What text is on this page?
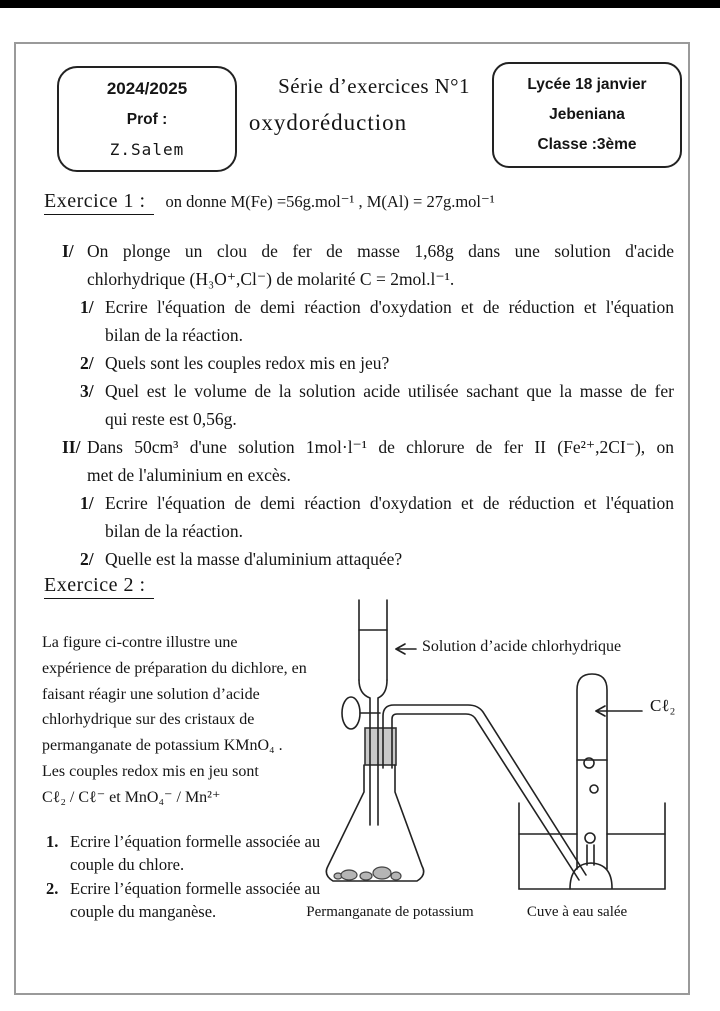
2024/2025
Prof :
Z.Salem
Série d’exercices N°1
oxydoréduction
Lycée 18 janvier
Jebeniana
Classe :3ème
Exercice 1 : on donne M(Fe) =56g.mol⁻¹ , M(Al) = 27g.mol⁻¹
I/ On plonge un clou de fer de masse 1,68g dans une solution d'acide
chlorhydrique (H₃O⁺,Cl⁻) de molarité C = 2mol.l⁻¹.
1/ Ecrire l'équation de demi réaction d'oxydation et de réduction et l'équation
bilan de la réaction.
2/ Quels sont les couples redox mis en jeu?
3/ Quel est le volume de la solution acide utilisée sachant que la masse de fer
qui reste est 0,56g.
II/ Dans 50cm³ d'une solution 1mol·l⁻¹ de chlorure de fer II (Fe²⁺,2CI⁻), on
met de l'aluminium en excès.
1/ Ecrire l'équation de demi réaction d'oxydation et de réduction et l'équation
bilan de la réaction.
2/ Quelle est la masse d'aluminium attaquée?
Exercice 2 :
La figure ci-contre illustre une
expérience de préparation du dichlore, en
faisant réagir une solution d’acide
chlorhydrique sur des cristaux de
permanganate de potassium KMnO₄ .
Les couples redox mis en jeu sont
Cℓ₂ / Cℓ⁻ et MnO₄⁻ / Mn²⁺
1. Ecrire l’équation formelle associée au
couple du chlore.
2. Ecrire l’équation formelle associée au
couple du manganèse.
Solution d’acide chlorhydrique
Cℓ₂
Permanganate de potassium	Cuve à eau salée
